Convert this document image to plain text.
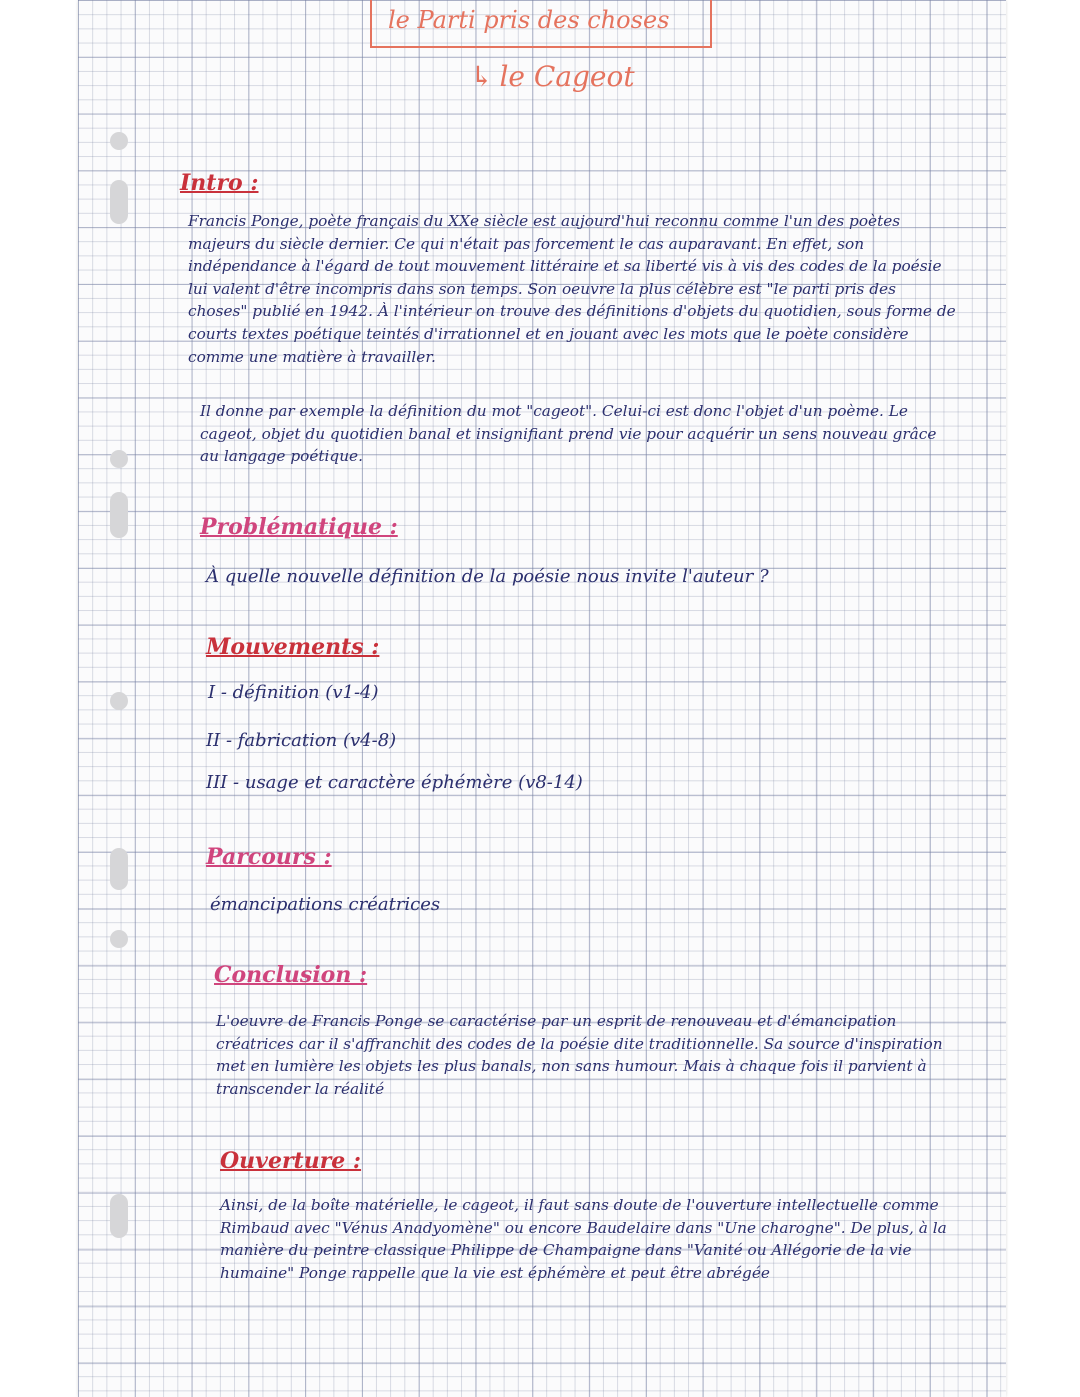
le Parti pris des choses
↳ le Cageot
Intro :

Francis Ponge, poète français du XXe siècle est aujourd'hui reconnu comme l'un des poètes majeurs du siècle dernier. Ce qui n'était pas forcement le cas auparavant. En effet, son indépendance à l'égard de tout mouvement littéraire et sa liberté vis à vis des codes de la poésie lui valent d'être incompris dans son temps. Son oeuvre la plus célèbre est "le parti pris des choses" publié en 1942. À l'intérieur on trouve des définitions d'objets du quotidien, sous forme de courts textes poétique teintés d'irrationnel et en jouant avec les mots que le poète considère comme une matière à travailler.

Il donne par exemple la définition du mot "cageot". Celui-ci est donc l'objet d'un poème. Le cageot, objet du quotidien banal et insignifiant prend vie pour acquérir un sens nouveau grâce au langage poétique.

Problématique :
À quelle nouvelle définition de la poésie nous invite l'auteur ?
Mouvements :
I - définition (v1-4)
II - fabrication (v4-8)
III - usage et caractère éphémère (v8-14)
Parcours :
émancipations créatrices
Conclusion :

L'oeuvre de Francis Ponge se caractérise par un esprit de renouveau et d'émancipation créatrices car il s'affranchit des codes de la poésie dite traditionnelle. Sa source d'inspiration met en lumière les objets les plus banals, non sans humour. Mais à chaque fois il parvient à transcender la réalité

Ouverture :

Ainsi, de la boîte matérielle, le cageot, il faut sans doute de l'ouverture intellectuelle comme Rimbaud avec "Vénus Anadyomène" ou encore Baudelaire dans "Une charogne". De plus, à la manière du peintre classique Philippe de Champaigne dans "Vanité ou Allégorie de la vie humaine" Ponge rappelle que la vie est éphémère et peut être abrégée
